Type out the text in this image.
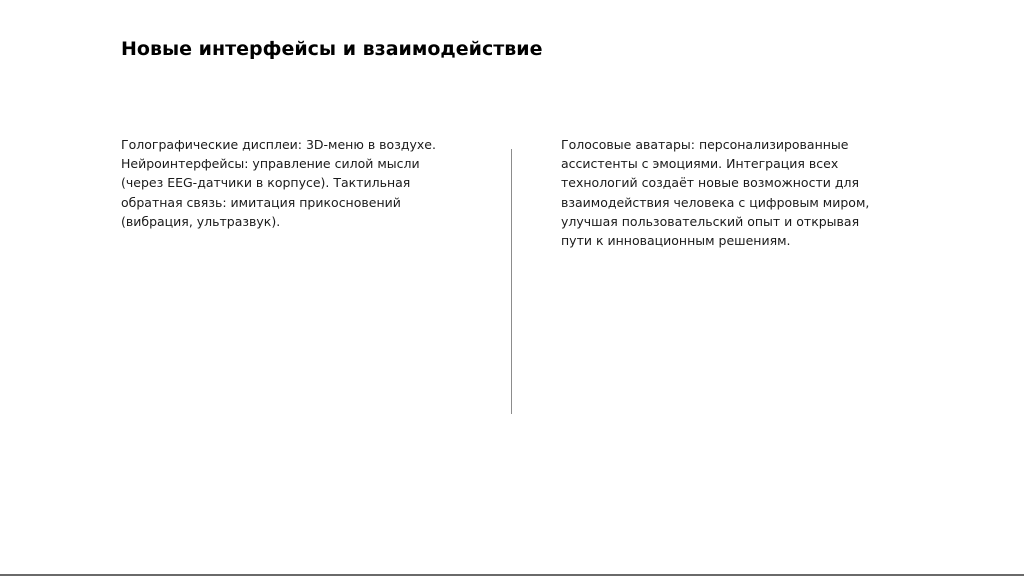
Новые интерфейсы и взаимодействие

Голографические дисплеи: 3D-меню в воздухе.
Нейроинтерфейсы: управление силой мысли
(через EEG-датчики в корпусе). Тактильная
обратная связь: имитация прикосновений
(вибрация, ультразвук).

Голосовые аватары: персонализированные
ассистенты с эмоциями. Интеграция всех
технологий создаёт новые возможности для
взаимодействия человека с цифровым миром,
улучшая пользовательский опыт и открывая
пути к инновационным решениям.
